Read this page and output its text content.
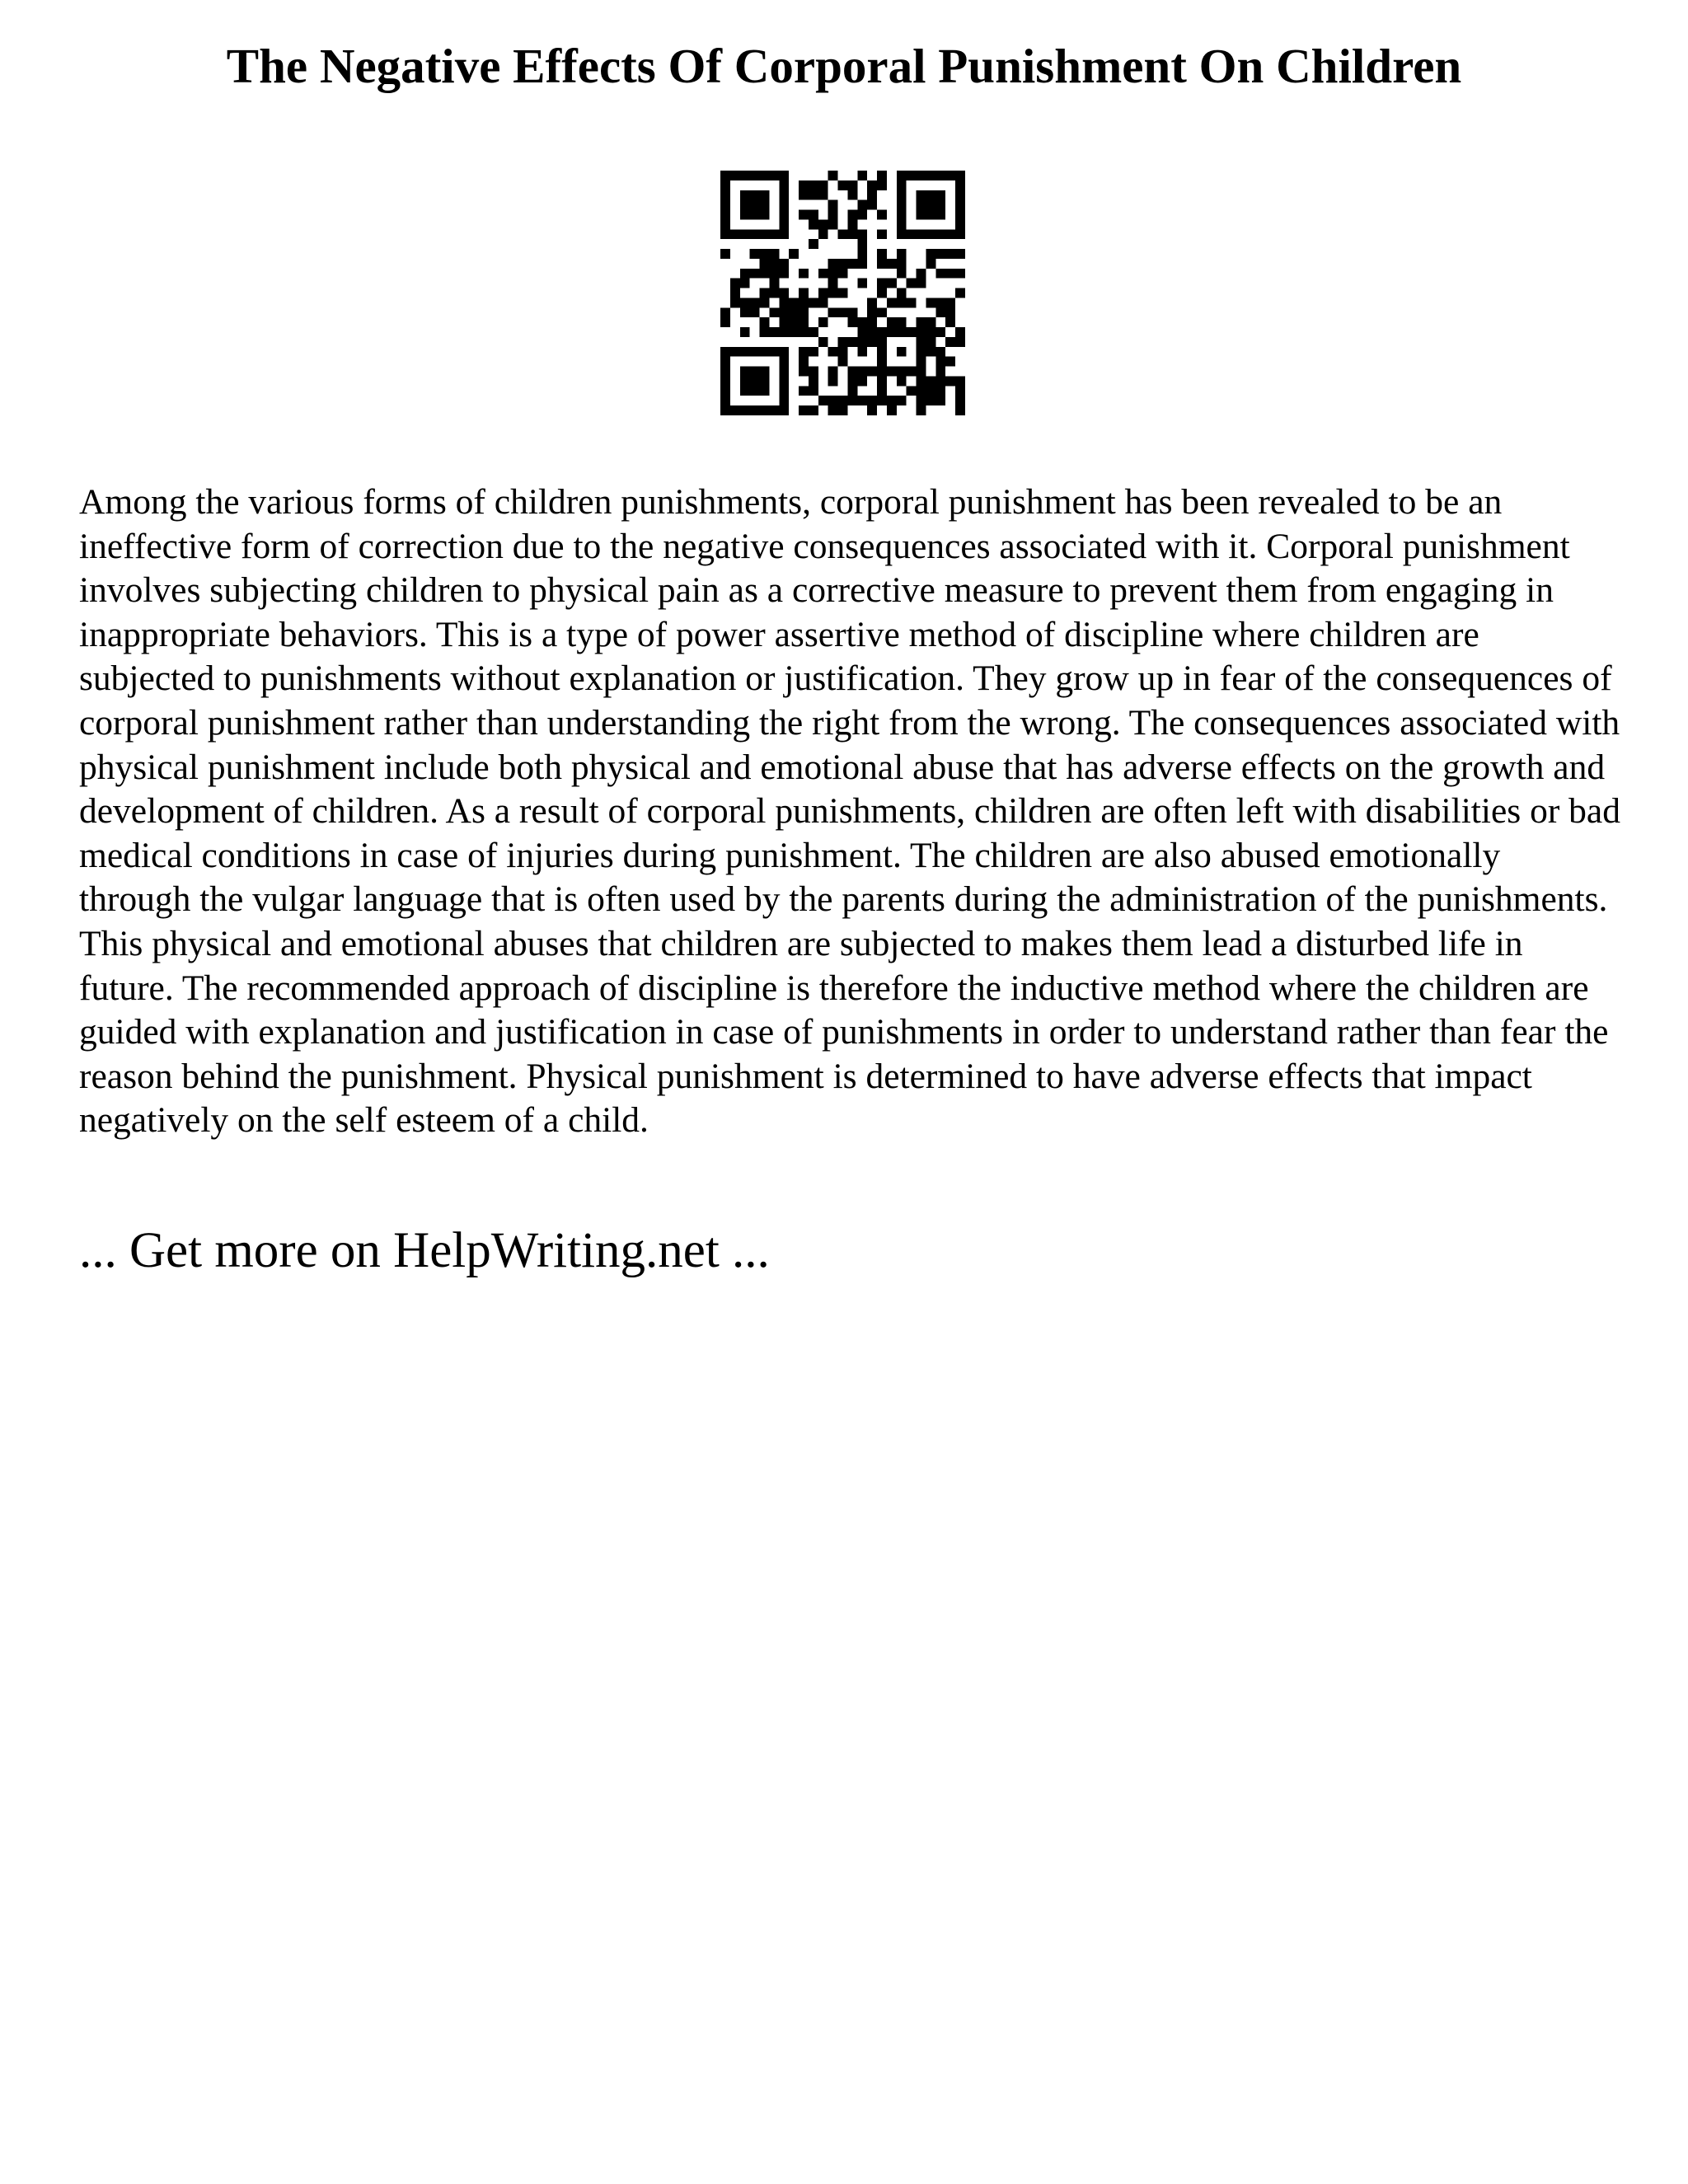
The Negative Effects Of Corporal Punishment On Children

Among the various forms of children punishments, corporal punishment has been revealed to be an ineffective form of correction due to the negative consequences associated with it. Corporal punishment involves subjecting children to physical pain as a corrective measure to prevent them from engaging in inappropriate behaviors. This is a type of power assertive method of discipline where children are subjected to punishments without explanation or justification. They grow up in fear of the consequences of corporal punishment rather than understanding the right from the wrong. The consequences associated with physical punishment include both physical and emotional abuse that has adverse effects on the growth and development of children. As a result of corporal punishments, children are often left with disabilities or bad medical conditions in case of injuries during punishment. The children are also abused emotionally through the vulgar language that is often used by the parents during the administration of the punishments. This physical and emotional abuses that children are subjected to makes them lead a disturbed life in future. The recommended approach of discipline is therefore the inductive method where the children are guided with explanation and justification in case of punishments in order to understand rather than fear the reason behind the punishment. Physical punishment is determined to have adverse effects that impact negatively on the self esteem of a child.

... Get more on HelpWriting.net ...
